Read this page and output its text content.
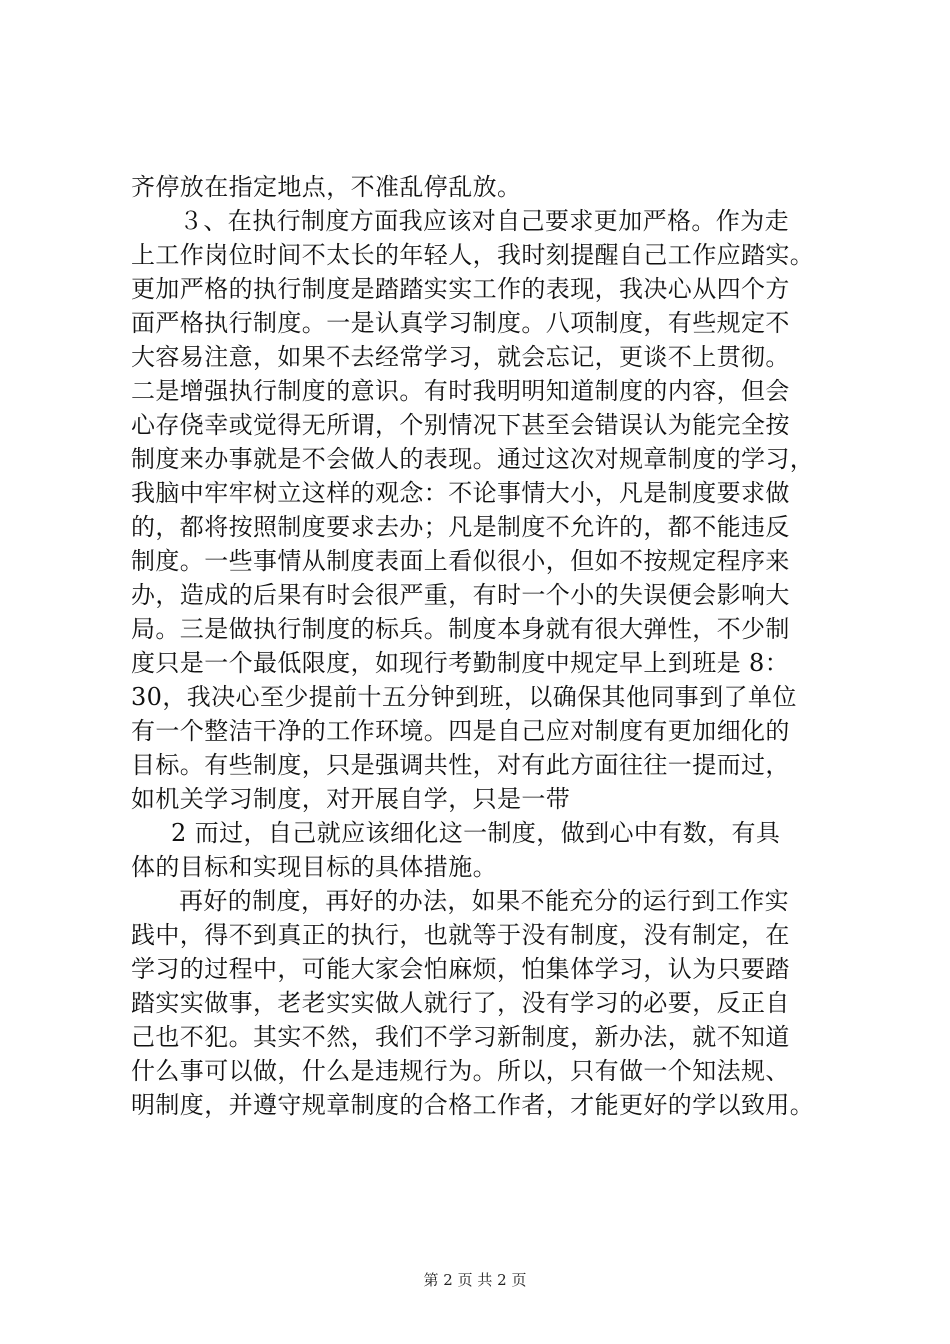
齐停放在指定地点，不准乱停乱放。
３、在执行制度方面我应该对自己要求更加严格。作为走
上工作岗位时间不太长的年轻人，我时刻提醒自己工作应踏实。
更加严格的执行制度是踏踏实实工作的表现，我决心从四个方
面严格执行制度。一是认真学习制度。八项制度，有些规定不
大容易注意，如果不去经常学习，就会忘记，更谈不上贯彻。
二是增强执行制度的意识。有时我明明知道制度的内容，但会
心存侥幸或觉得无所谓，个别情况下甚至会错误认为能完全按
制度来办事就是不会做人的表现。通过这次对规章制度的学习，
我脑中牢牢树立这样的观念：不论事情大小，凡是制度要求做
的，都将按照制度要求去办；凡是制度不允许的，都不能违反
制度。一些事情从制度表面上看似很小，但如不按规定程序来
办，造成的后果有时会很严重，有时一个小的失误便会影响大
局。三是做执行制度的标兵。制度本身就有很大弹性，不少制
度只是一个最低限度，如现行考勤制度中规定早上到班是 8：
30，我决心至少提前十五分钟到班，以确保其他同事到了单位
有一个整洁干净的工作环境。四是自己应对制度有更加细化的
目标。有些制度，只是强调共性，对有此方面往往一提而过，
如机关学习制度，对开展自学，只是一带
2 而过，自己就应该细化这一制度，做到心中有数，有具
体的目标和实现目标的具体措施。
再好的制度，再好的办法，如果不能充分的运行到工作实
践中，得不到真正的执行，也就等于没有制度，没有制定，在
学习的过程中，可能大家会怕麻烦，怕集体学习，认为只要踏
踏实实做事，老老实实做人就行了，没有学习的必要，反正自
己也不犯。其实不然，我们不学习新制度，新办法，就不知道
什么事可以做，什么是违规行为。所以，只有做一个知法规、
明制度，并遵守规章制度的合格工作者，才能更好的学以致用。
第 2 页 共 2 页
